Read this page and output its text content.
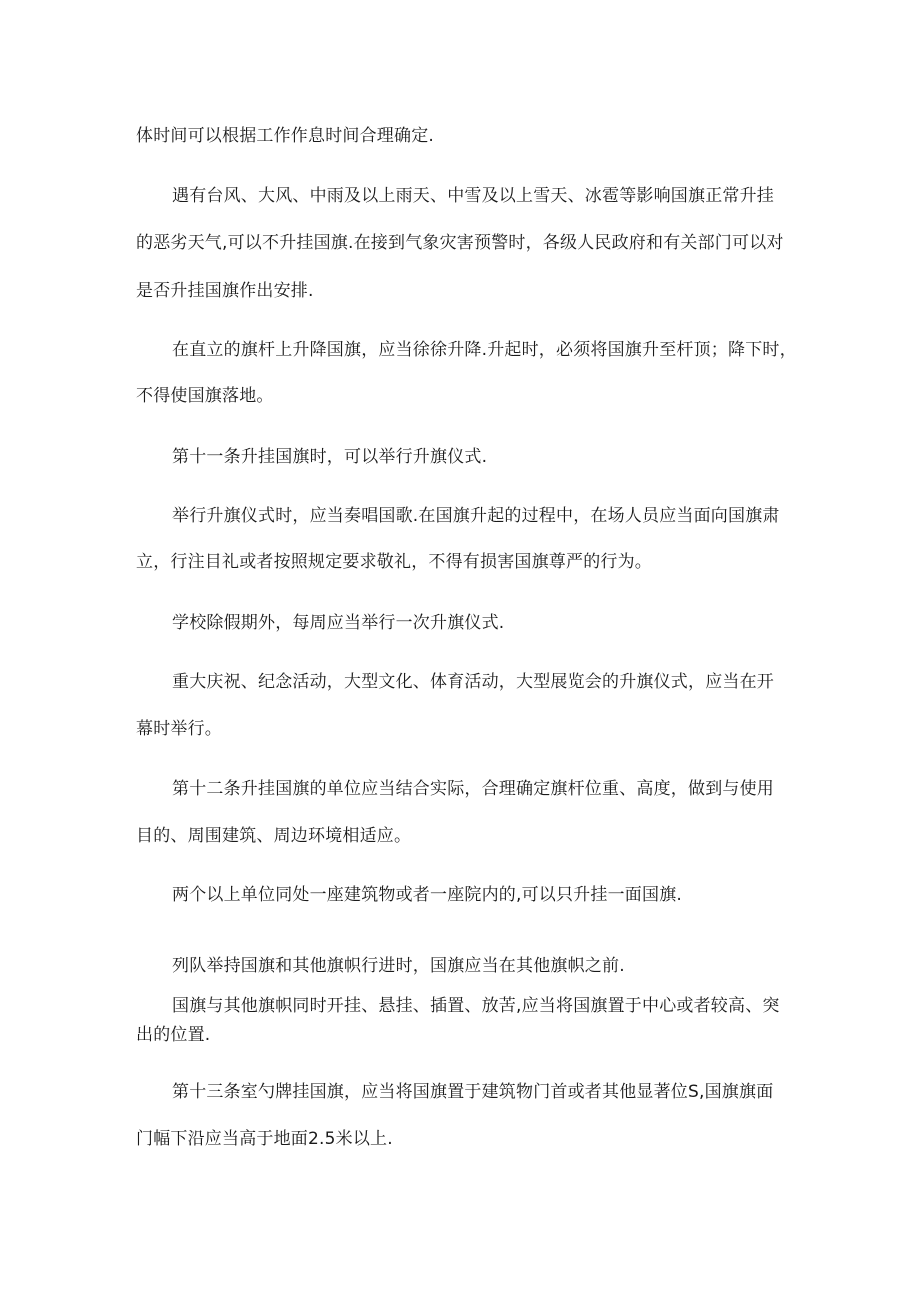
体时间可以根据工作作息时间合理确定.
遇有台风、大风、中雨及以上雨天、中雪及以上雪天、冰雹等影响国旗正常升挂
的恶劣天气,可以不升挂国旗.在接到气象灾害预警时，各级人民政府和有关部门可以对
是否升挂国旗作出安排.
在直立的旗杆上升降国旗，应当徐徐升降.升起时，必须将国旗升至杆顶；降下时，
不得使国旗落地。
第十一条升挂国旗时，可以举行升旗仪式.
举行升旗仪式时，应当奏唱国歌.在国旗升起的过程中，在场人员应当面向国旗肃
立，行注目礼或者按照规定要求敬礼，不得有损害国旗尊严的行为。
学校除假期外，每周应当举行一次升旗仪式.
重大庆祝、纪念活动，大型文化、体育活动，大型展览会的升旗仪式，应当在开
幕时举行。
第十二条升挂国旗的单位应当结合实际，合理确定旗杆位重、高度，做到与使用
目的、周围建筑、周边环境相适应。
两个以上单位同处一座建筑物或者一座院内的,可以只升挂一面国旗.
列队举持国旗和其他旗帜行进时，国旗应当在其他旗帜之前.
国旗与其他旗帜同时开挂、悬挂、插置、放苦,应当将国旗置于中心或者较高、突
出的位置.
第十三条室勺牌挂国旗，应当将国旗置于建筑物门首或者其他显著位S,国旗旗面
门幅下沿应当高于地面2.5米以上.
